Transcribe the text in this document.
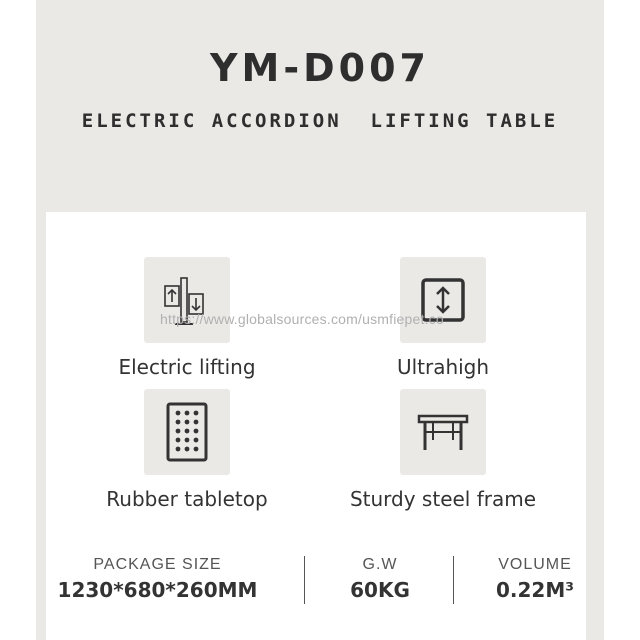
YM-D007
ELECTRIC ACCORDION  LIFTING TABLE
Electric lifting	Ultrahigh
Rubber tabletop	Sturdy steel frame
https://www.globalsources.com/usmfiepet.co
PACKAGE SIZE
1230*680*260MM
G.W
60KG
VOLUME
0.22M³
